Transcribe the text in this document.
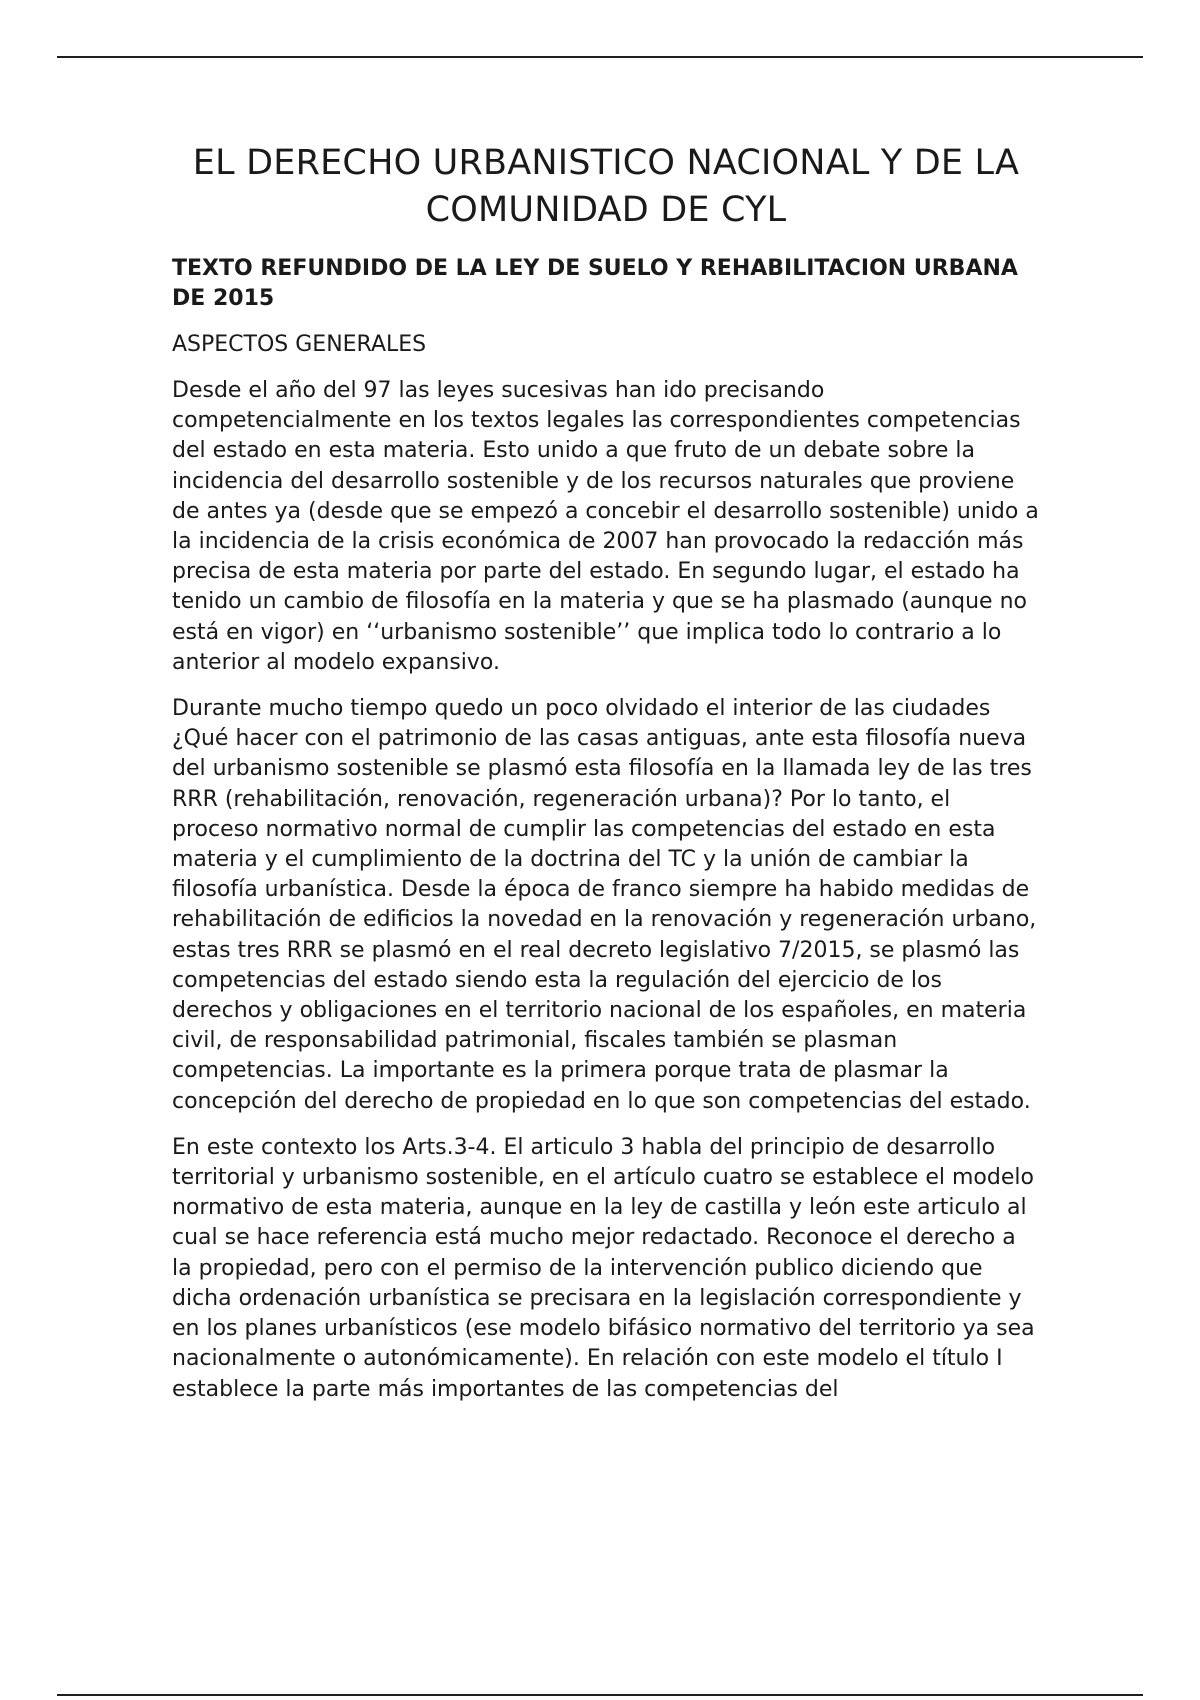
EL DERECHO URBANISTICO NACIONAL Y DE LA COMUNIDAD DE CYL
TEXTO REFUNDIDO DE LA LEY DE SUELO Y REHABILITACION URBANA DE 2015
ASPECTOS GENERALES

Desde el año del 97 las leyes sucesivas han ido precisando competencialmente en los textos legales las correspondientes competencias del estado en esta materia. Esto unido a que fruto de un debate sobre la incidencia del desarrollo sostenible y de los recursos naturales que proviene de antes ya (desde que se empezó a concebir el desarrollo sostenible) unido a la incidencia de la crisis económica de 2007 han provocado la redacción más precisa de esta materia por parte del estado. En segundo lugar, el estado ha tenido un cambio de filosofía en la materia y que se ha plasmado (aunque no está en vigor) en ‘‘urbanismo sostenible’’ que implica todo lo contrario a lo anterior al modelo expansivo.

Durante mucho tiempo quedo un poco olvidado el interior de las ciudades ¿Qué hacer con el patrimonio de las casas antiguas, ante esta filosofía nueva del urbanismo sostenible se plasmó esta filosofía en la llamada ley de las tres RRR (rehabilitación, renovación, regeneración urbana)? Por lo tanto, el proceso normativo normal de cumplir las competencias del estado en esta materia y el cumplimiento de la doctrina del TC y la unión de cambiar la filosofía urbanística. Desde la época de franco siempre ha habido medidas de rehabilitación de edificios la novedad en la renovación y regeneración urbano, estas tres RRR se plasmó en el real decreto legislativo 7/2015, se plasmó las competencias del estado siendo esta la regulación del ejercicio de los derechos y obligaciones en el territorio nacional de los españoles, en materia civil, de responsabilidad patrimonial, fiscales también se plasman competencias. La importante es la primera porque trata de plasmar la concepción del derecho de propiedad en lo que son competencias del estado.

En este contexto los Arts.3-4. El articulo 3 habla del principio de desarrollo territorial y urbanismo sostenible, en el artículo cuatro se establece el modelo normativo de esta materia, aunque en la ley de castilla y león este articulo al cual se hace referencia está mucho mejor redactado. Reconoce el derecho a la propiedad, pero con el permiso de la intervención publico diciendo que dicha ordenación urbanística se precisara en la legislación correspondiente y en los planes urbanísticos (ese modelo bifásico normativo del territorio ya sea nacionalmente o autonómicamente). En relación con este modelo el título I establece la parte más importantes de las competencias del
